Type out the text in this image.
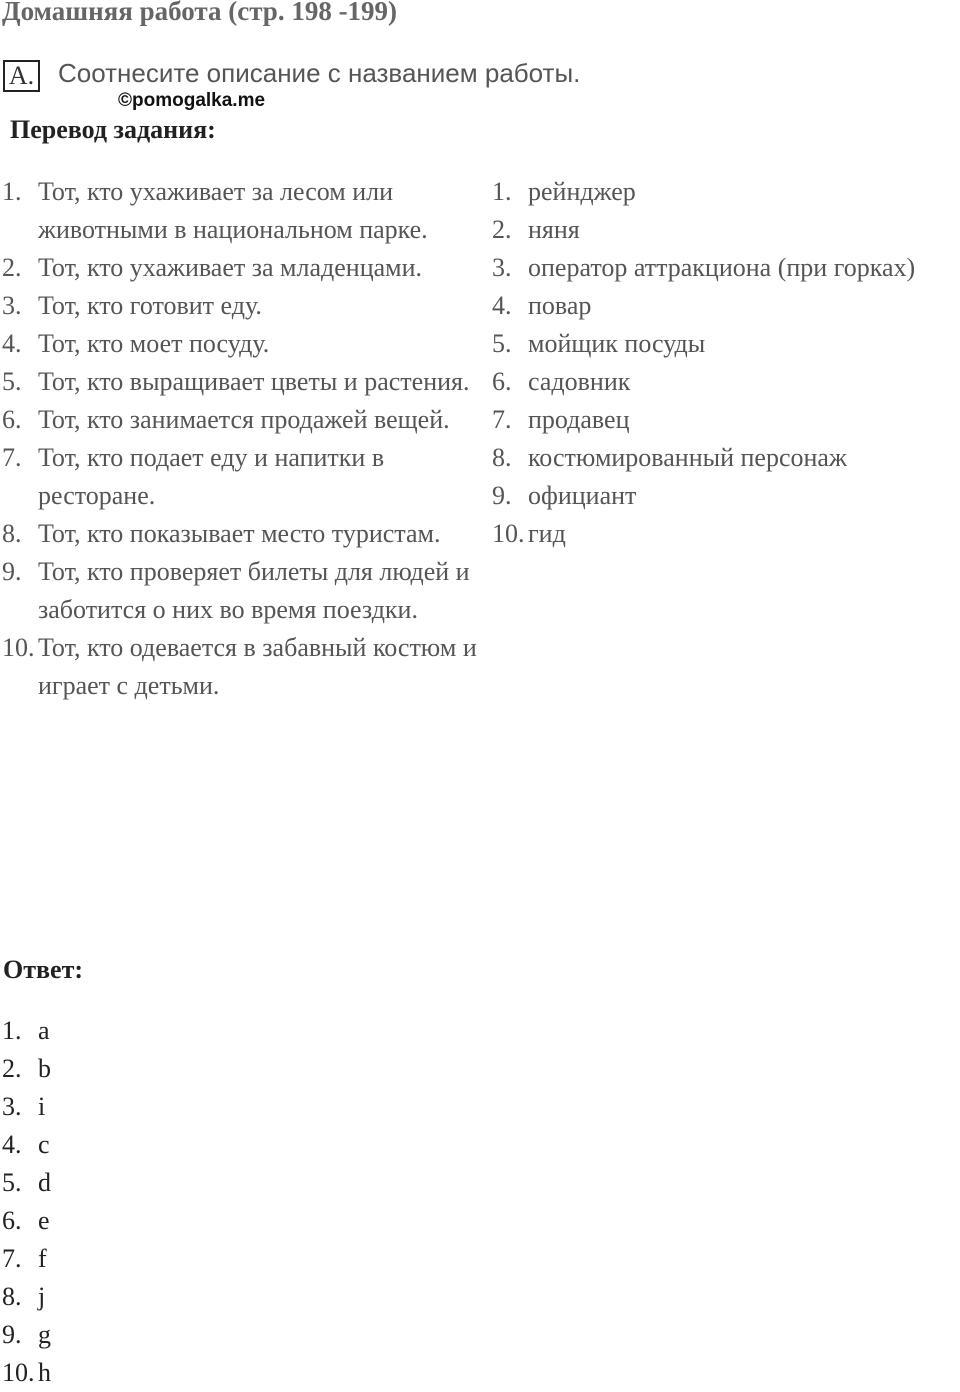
Домашняя работа (стр. 198 -199)
A. Соотнесите описание с названием работы.
©pomogalka.me
Перевод задания:
1. Тот, кто ухаживает за лесом или животными в национальном парке.
2. Тот, кто ухаживает за младенцами.
3. Тот, кто готовит еду.
4. Тот, кто моет посуду.
5. Тот, кто выращивает цветы и растения.
6. Тот, кто занимается продажей вещей.
7. Тот, кто подает еду и напитки в ресторане.
8. Тот, кто показывает место туристам.
9. Тот, кто проверяет билеты для людей и заботится о них во время поездки.
10. Тот, кто одевается в забавный костюм и играет с детьми.
1. рейнджер
2. няня
3. оператор аттракциона (при горках)
4. повар
5. мойщик посуды
6. садовник
7. продавец
8. костюмированный персонаж
9. официант
10. гид
Ответ:
1. a
2. b
3. i
4. c
5. d
6. e
7. f
8. j
9. g
10. h
